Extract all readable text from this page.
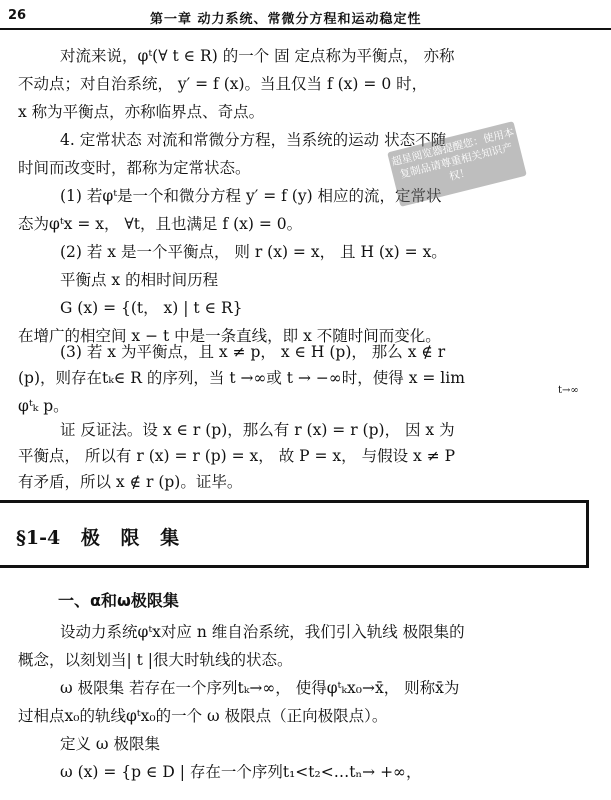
26	第一章 动力系统、常微分方程和运动稳定性
对流来说，φᵗ(∀ t ∈ R) 的一个 固 定点称为平衡点， 亦称
不动点；对自治系统， y′ = f (x)。当且仅当 f (x) = 0 时，
x 称为平衡点，亦称临界点、奇点。
4. 定常状态 对流和常微分方程，当系统的运动 状态不随
时间而改变时，都称为定常状态。
(1) 若φᵗ是一个和微分方程 y′ = f (y) 相应的流，定常状
态为φᵗx = x， ∀t，且也满足 f (x) = 0。
(2) 若 x 是一个平衡点， 则 r (x) = x， 且 H (x) = x。
平衡点 x 的相时间历程
G (x) = {(t， x) | t ∈ R}
在增广的相空间 x − t 中是一条直线，即 x 不随时间而变化。
(3) 若 x 为平衡点，且 x ≠ p， x ∈ H (p)， 那么 x ∉ r
(p)，则存在tₖ∈ R 的序列，当 t →∞或 t → −∞时，使得 x = lim
t→∞
φᵗₖ p。
证 反证法。设 x ∈ r (p)，那么有 r (x) = r (p)， 因 x 为
平衡点， 所以有 r (x) = r (p) = x， 故 P = x， 与假设 x ≠ P
§1-4 极 限 集
一、α和ω极限集
设动力系统φᵗx对应 n 维自治系统，我们引入轨线 极限集的
概念，以刻划当| t |很大时轨线的状态。
ω 极限集 若存在一个序列tₖ→∞， 使得φᵗₖx₀→x̄， 则称x̄为
过相点x₀的轨线φᵗx₀的一个 ω 极限点（正向极限点）。
定义 ω 极限集
ω (x) = {p ∈ D | 存在一个序列t₁<t₂<…tₙ→ +∞，
超星阅览器提醒您：使用本复制品请尊重相关知识产权！
有矛盾，所以 x ∉ r (p)。证毕。
